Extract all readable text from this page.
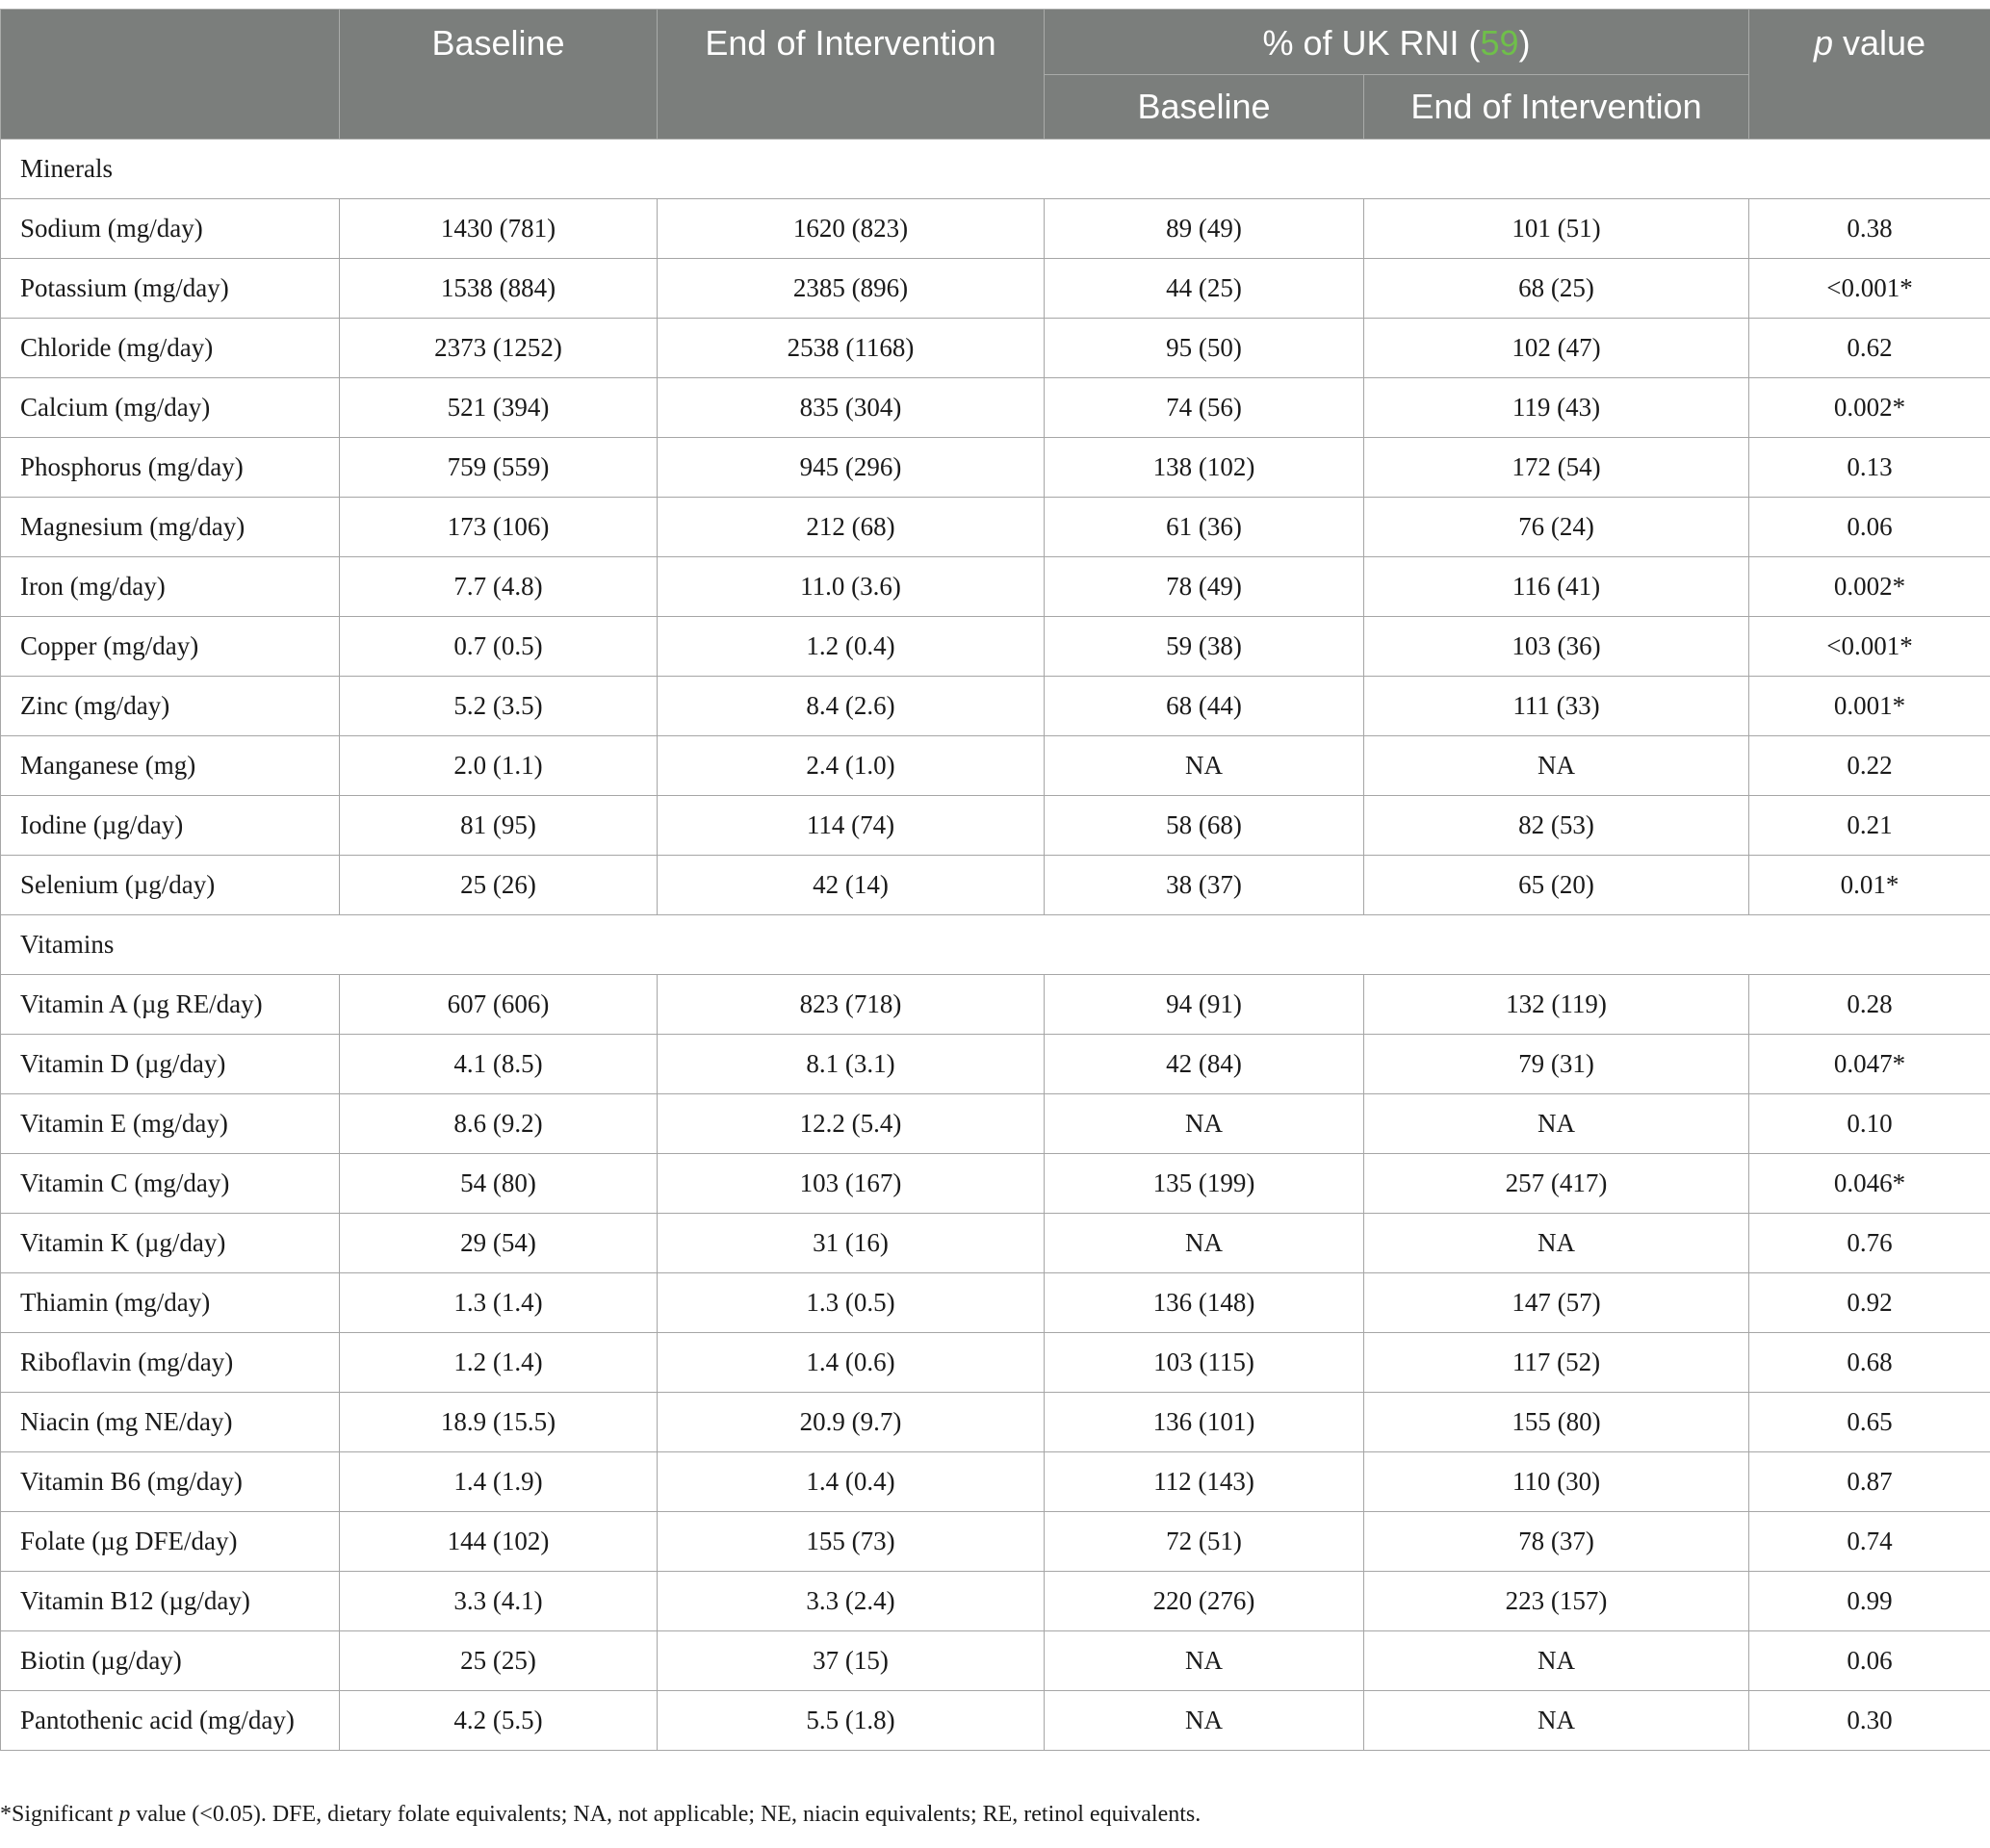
	Baseline	End of Intervention	% of UK RNI (59)		p value
			Baseline	End of Intervention	
Minerals					
Sodium (mg/day)	1430 (781)	1620 (823)	89 (49)	101 (51)	0.38
Potassium (mg/day)	1538 (884)	2385 (896)	44 (25)	68 (25)	<0.001*
Chloride (mg/day)	2373 (1252)	2538 (1168)	95 (50)	102 (47)	0.62
Calcium (mg/day)	521 (394)	835 (304)	74 (56)	119 (43)	0.002*
Phosphorus (mg/day)	759 (559)	945 (296)	138 (102)	172 (54)	0.13
Magnesium (mg/day)	173 (106)	212 (68)	61 (36)	76 (24)	0.06
Iron (mg/day)	7.7 (4.8)	11.0 (3.6)	78 (49)	116 (41)	0.002*
Copper (mg/day)	0.7 (0.5)	1.2 (0.4)	59 (38)	103 (36)	<0.001*
Zinc (mg/day)	5.2 (3.5)	8.4 (2.6)	68 (44)	111 (33)	0.001*
Manganese (mg)	2.0 (1.1)	2.4 (1.0)	NA	NA	0.22
Iodine (µg/day)	81 (95)	114 (74)	58 (68)	82 (53)	0.21
Selenium (µg/day)	25 (26)	42 (14)	38 (37)	65 (20)	0.01*
Vitamins					
Vitamin A (µg RE/day)	607 (606)	823 (718)	94 (91)	132 (119)	0.28
Vitamin D (µg/day)	4.1 (8.5)	8.1 (3.1)	42 (84)	79 (31)	0.047*
Vitamin E (mg/day)	8.6 (9.2)	12.2 (5.4)	NA	NA	0.10
Vitamin C (mg/day)	54 (80)	103 (167)	135 (199)	257 (417)	0.046*
Vitamin K (µg/day)	29 (54)	31 (16)	NA	NA	0.76
Thiamin (mg/day)	1.3 (1.4)	1.3 (0.5)	136 (148)	147 (57)	0.92
Riboflavin (mg/day)	1.2 (1.4)	1.4 (0.6)	103 (115)	117 (52)	0.68
Niacin (mg NE/day)	18.9 (15.5)	20.9 (9.7)	136 (101)	155 (80)	0.65
Vitamin B6 (mg/day)	1.4 (1.9)	1.4 (0.4)	112 (143)	110 (30)	0.87
Folate (µg DFE/day)	144 (102)	155 (73)	72 (51)	78 (37)	0.74
Vitamin B12 (µg/day)	3.3 (4.1)	3.3 (2.4)	220 (276)	223 (157)	0.99
Biotin (µg/day)	25 (25)	37 (15)	NA	NA	0.06
Pantothenic acid (mg/day)	4.2 (5.5)	5.5 (1.8)	NA	NA	0.30
*Significant p value (<0.05). DFE, dietary folate equivalents; NA, not applicable; NE, niacin equivalents; RE, retinol equivalents.
